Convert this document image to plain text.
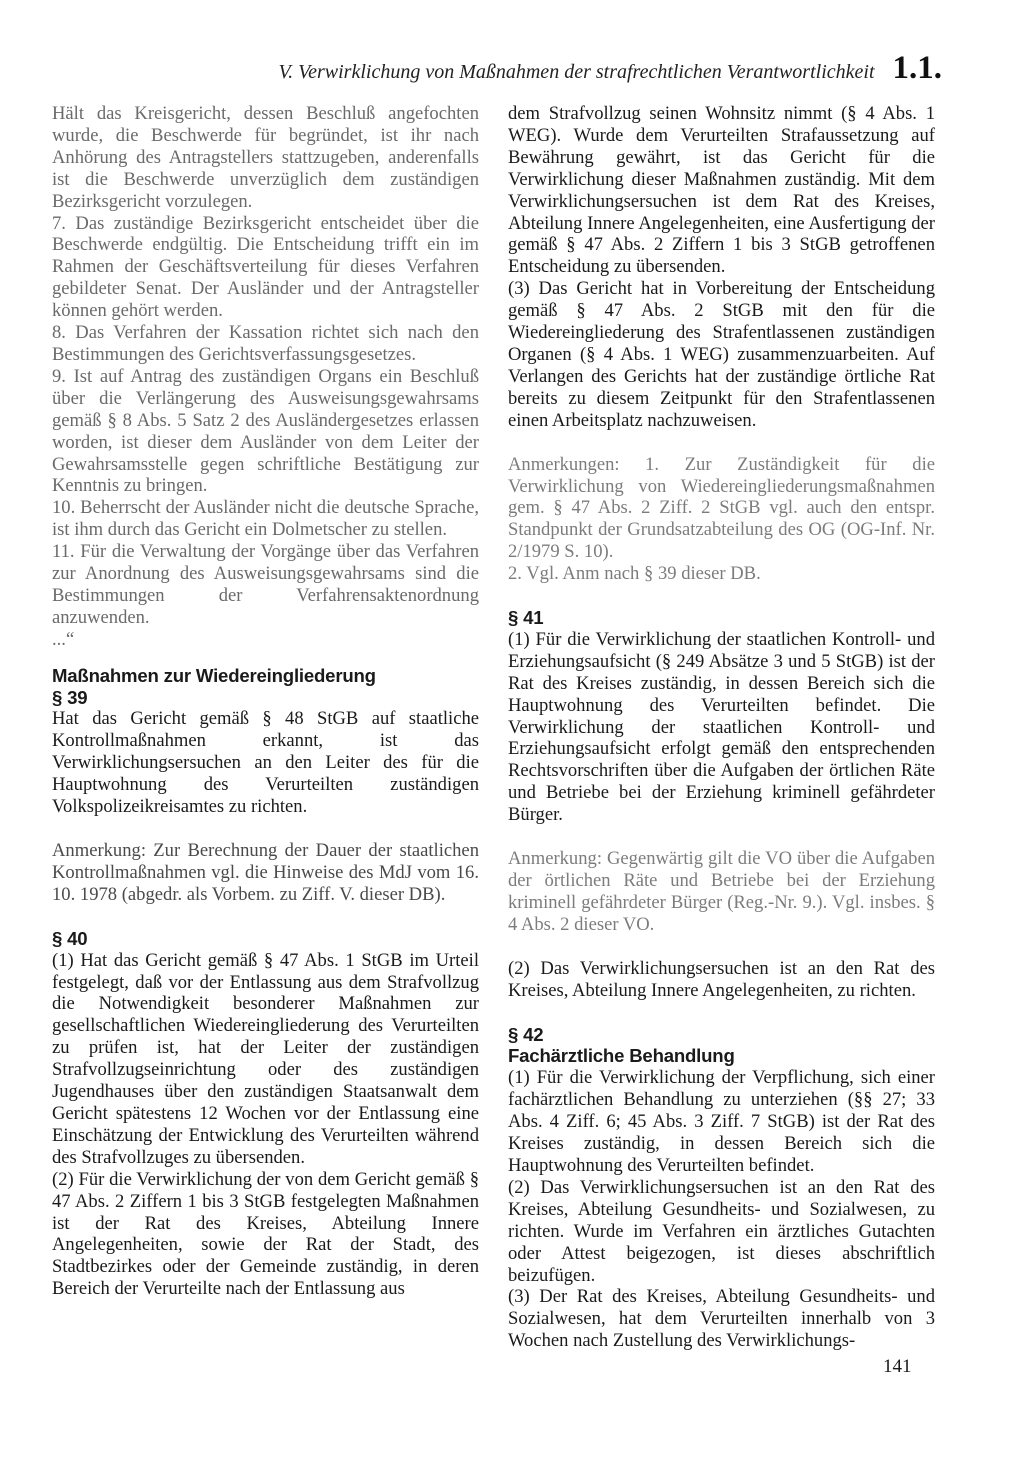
V. Verwirklichung von Maßnahmen der strafrechtlichen Verantwortlichkeit 1.1.

Hält das Kreisgericht, dessen Beschluß angefochten wurde, die Beschwerde für begründet, ist ihr nach Anhörung des Antragstellers stattzugeben, anderenfalls ist die Beschwerde unverzüglich dem zuständigen Bezirksgericht vorzulegen.

7. Das zuständige Bezirksgericht entscheidet über die Beschwerde endgültig. Die Entscheidung trifft ein im Rahmen der Geschäftsverteilung für dieses Verfahren gebildeter Senat. Der Ausländer und der Antragsteller können gehört werden.

8. Das Verfahren der Kassation richtet sich nach den Bestimmungen des Gerichtsverfassungsgesetzes.

9. Ist auf Antrag des zuständigen Organs ein Beschluß über die Verlängerung des Ausweisungsgewahrsams gemäß § 8 Abs. 5 Satz 2 des Ausländergesetzes erlassen worden, ist dieser dem Ausländer von dem Leiter der Gewahrsamsstelle gegen schriftliche Bestätigung zur Kenntnis zu bringen.

10. Beherrscht der Ausländer nicht die deutsche Sprache, ist ihm durch das Gericht ein Dolmetscher zu stellen.

11. Für die Verwaltung der Vorgänge über das Verfahren zur Anordnung des Ausweisungsgewahrsams sind die Bestimmungen der Verfahrensaktenordnung anzuwenden.

...“

Maßnahmen zur Wiedereingliederung

§ 39

Hat das Gericht gemäß § 48 StGB auf staatliche Kontrollmaßnahmen erkannt, ist das Verwirklichungsersuchen an den Leiter des für die Hauptwohnung des Verurteilten zuständigen Volkspolizeikreisamtes zu richten.

Anmerkung: Zur Berechnung der Dauer der staatlichen Kontrollmaßnahmen vgl. die Hinweise des MdJ vom 16. 10. 1978 (abgedr. als Vorbem. zu Ziff. V. dieser DB).

§ 40

(1) Hat das Gericht gemäß § 47 Abs. 1 StGB im Urteil festgelegt, daß vor der Entlassung aus dem Strafvollzug die Notwendigkeit besonderer Maßnahmen zur gesellschaftlichen Wiedereingliederung des Verurteilten zu prüfen ist, hat der Leiter der zuständigen Strafvollzugseinrichtung oder des zuständigen Jugendhauses über den zuständigen Staatsanwalt dem Gericht spätestens 12 Wochen vor der Entlassung eine Einschätzung der Entwicklung des Verurteilten während des Strafvollzuges zu übersenden.

(2) Für die Verwirklichung der von dem Gericht gemäß § 47 Abs. 2 Ziffern 1 bis 3 StGB festgelegten Maßnahmen ist der Rat des Kreises, Abteilung Innere Angelegenheiten, sowie der Rat der Stadt, des Stadtbezirkes oder der Gemeinde zuständig, in deren Bereich der Verurteilte nach der Entlassung aus

dem Strafvollzug seinen Wohnsitz nimmt (§ 4 Abs. 1 WEG). Wurde dem Verurteilten Strafaussetzung auf Bewährung gewährt, ist das Gericht für die Verwirklichung dieser Maßnahmen zuständig. Mit dem Verwirklichungsersuchen ist dem Rat des Kreises, Abteilung Innere Angelegenheiten, eine Ausfertigung der gemäß § 47 Abs. 2 Ziffern 1 bis 3 StGB getroffenen Entscheidung zu übersenden.

(3) Das Gericht hat in Vorbereitung der Entscheidung gemäß § 47 Abs. 2 StGB mit den für die Wiedereingliederung des Strafentlassenen zuständigen Organen (§ 4 Abs. 1 WEG) zusammenzuarbeiten. Auf Verlangen des Gerichts hat der zuständige örtliche Rat bereits zu diesem Zeitpunkt für den Strafentlassenen einen Arbeitsplatz nachzuweisen.

Anmerkungen: 1. Zur Zuständigkeit für die Verwirklichung von Wiedereingliederungsmaßnahmen gem. § 47 Abs. 2 Ziff. 2 StGB vgl. auch den entspr. Standpunkt der Grundsatzabteilung des OG (OG-Inf. Nr. 2/1979 S. 10).

2. Vgl. Anm nach § 39 dieser DB.

§ 41

(1) Für die Verwirklichung der staatlichen Kontroll- und Erziehungsaufsicht (§ 249 Absätze 3 und 5 StGB) ist der Rat des Kreises zuständig, in dessen Bereich sich die Hauptwohnung des Verurteilten befindet. Die Verwirklichung der staatlichen Kontroll- und Erziehungsaufsicht erfolgt gemäß den entsprechenden Rechtsvorschriften über die Aufgaben der örtlichen Räte und Betriebe bei der Erziehung kriminell gefährdeter Bürger.

Anmerkung: Gegenwärtig gilt die VO über die Aufgaben der örtlichen Räte und Betriebe bei der Erziehung kriminell gefährdeter Bürger (Reg.-Nr. 9.). Vgl. insbes. § 4 Abs. 2 dieser VO.

(2) Das Verwirklichungsersuchen ist an den Rat des Kreises, Abteilung Innere Angelegenheiten, zu richten.

§ 42

Fachärztliche Behandlung

(1) Für die Verwirklichung der Verpflichung, sich einer fachärztlichen Behandlung zu unterziehen (§§ 27; 33 Abs. 4 Ziff. 6; 45 Abs. 3 Ziff. 7 StGB) ist der Rat des Kreises zuständig, in dessen Bereich sich die Hauptwohnung des Verurteilten befindet.

(2) Das Verwirklichungsersuchen ist an den Rat des Kreises, Abteilung Gesundheits- und Sozialwesen, zu richten. Wurde im Verfahren ein ärztliches Gutachten oder Attest beigezogen, ist dieses abschriftlich beizufügen.

(3) Der Rat des Kreises, Abteilung Gesundheits- und Sozialwesen, hat dem Verurteilten innerhalb von 3 Wochen nach Zustellung des Verwirklichungs-

141
